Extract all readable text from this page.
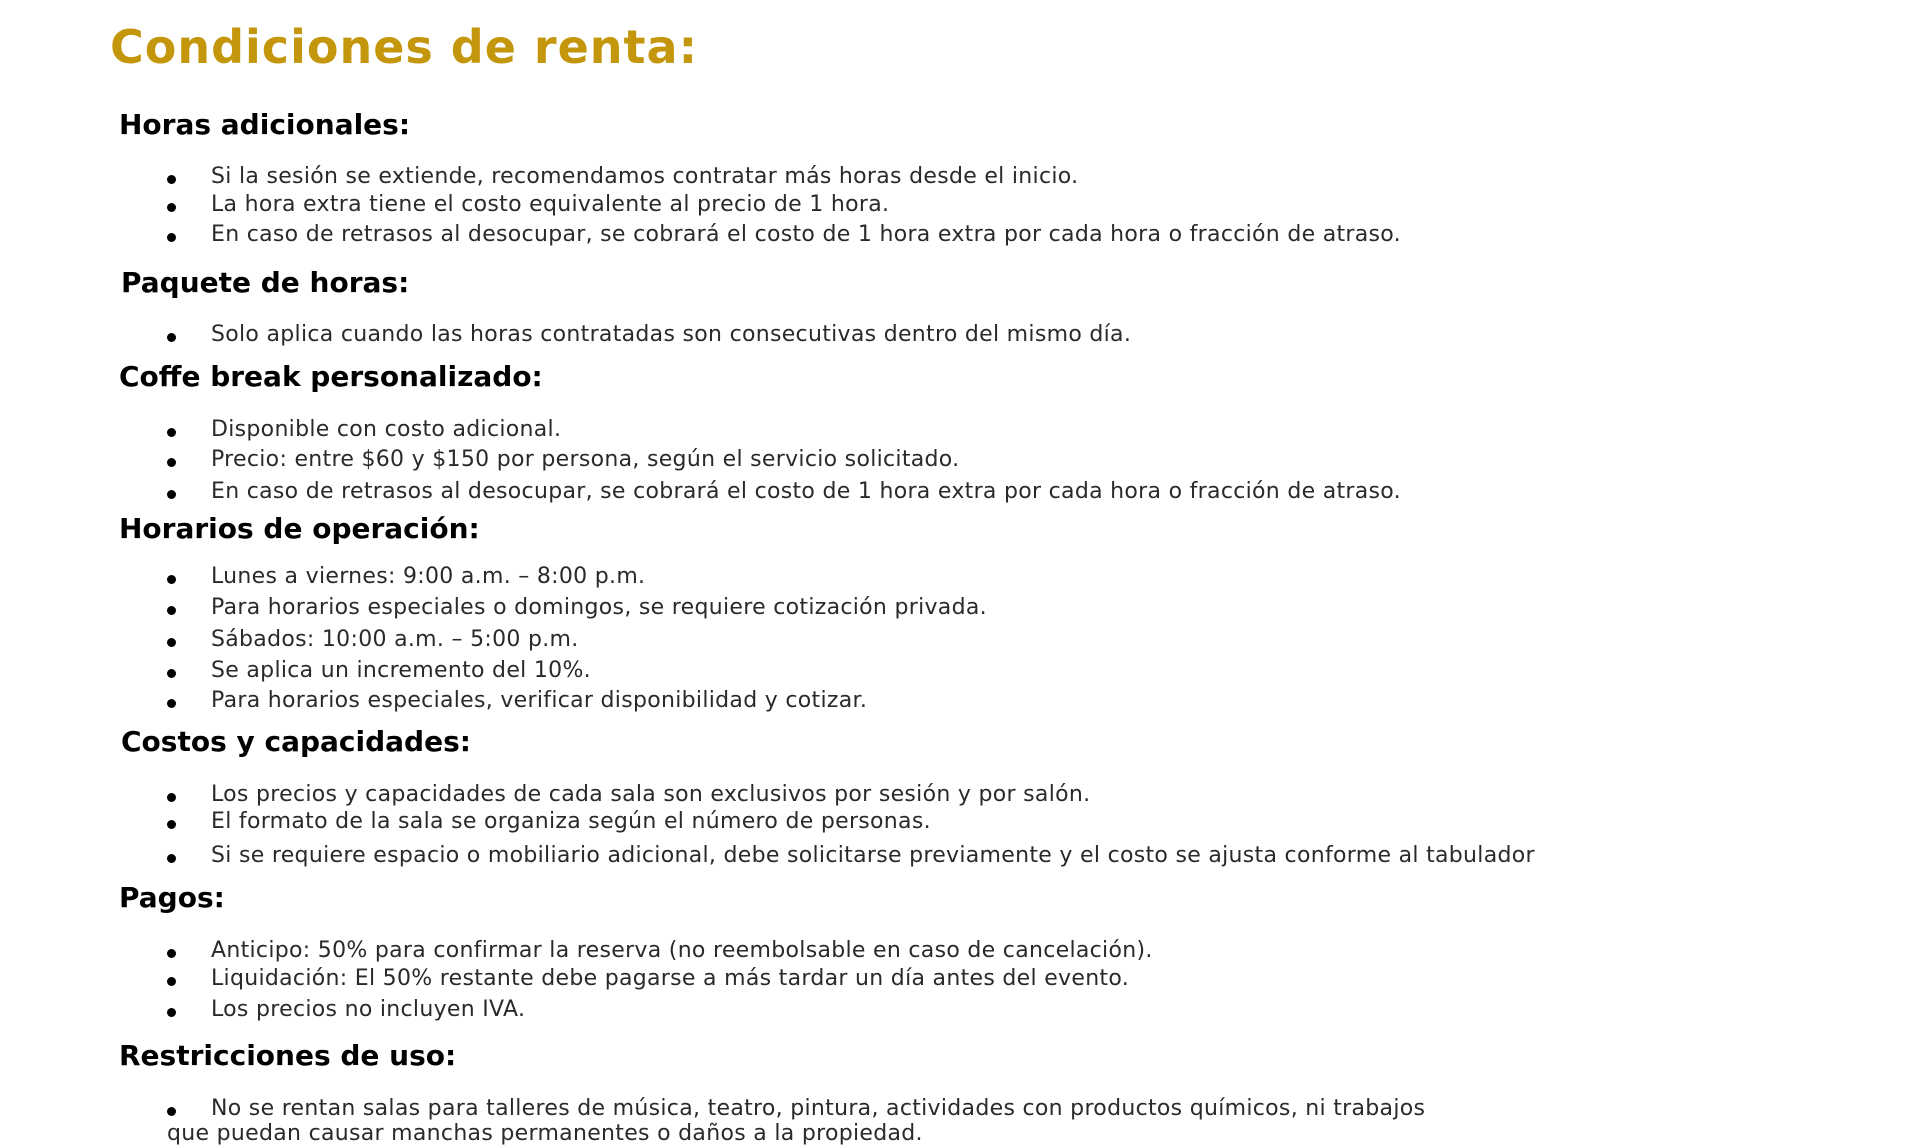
Condiciones de renta:
Horas adicionales:
Si la sesión se extiende, recomendamos contratar más horas desde el inicio.
La hora extra tiene el costo equivalente al precio de 1 hora.
En caso de retrasos al desocupar, se cobrará el costo de 1 hora extra por cada hora o fracción de atraso.
Paquete de horas:
Solo aplica cuando las horas contratadas son consecutivas dentro del mismo día.
Coffe break personalizado:
Disponible con costo adicional.
Precio: entre $60 y $150 por persona, según el servicio solicitado.
En caso de retrasos al desocupar, se cobrará el costo de 1 hora extra por cada hora o fracción de atraso.
Horarios de operación:
Lunes a viernes: 9:00 a.m. – 8:00 p.m.
Para horarios especiales o domingos, se requiere cotización privada.
Sábados: 10:00 a.m. – 5:00 p.m.
Se aplica un incremento del 10%.
Para horarios especiales, verificar disponibilidad y cotizar.
Costos y capacidades:
Los precios y capacidades de cada sala son exclusivos por sesión y por salón.
El formato de la sala se organiza según el número de personas.
Si se requiere espacio o mobiliario adicional, debe solicitarse previamente y el costo se ajusta conforme al tabulador
Pagos:
Anticipo: 50% para confirmar la reserva (no reembolsable en caso de cancelación).
Liquidación: El 50% restante debe pagarse a más tardar un día antes del evento.
Los precios no incluyen IVA.
Restricciones de uso:
No se rentan salas para talleres de música, teatro, pintura, actividades con productos químicos, ni trabajos
que puedan causar manchas permanentes o daños a la propiedad.
